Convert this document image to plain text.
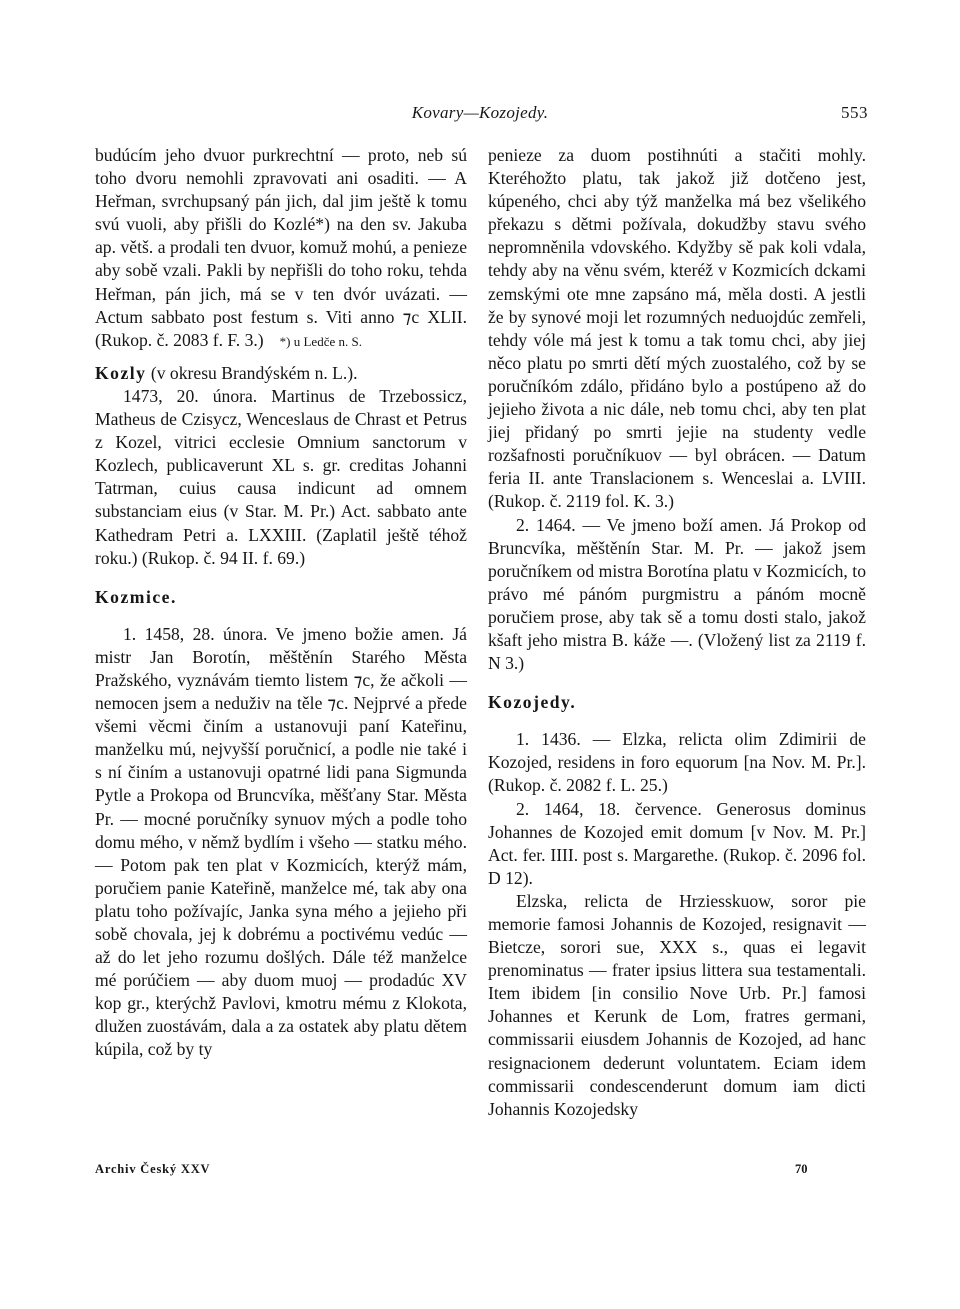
Kovary—Kozojedy.	553

budúcím jeho dvuor purkrechtní — proto, neb sú toho dvoru nemohli zpravovati ani osaditi. — A Heřman, svrchupsaný pán jich, dal jim ještě k tomu svú vuoli, aby přišli do Kozlé*) na den sv. Jakuba ap. větš. a prodali ten dvuor, komuž mohú, a penieze aby sobě vzali. Pakli by nepřišli do toho roku, tehda Heřman, pán jich, má se v ten dvór uvázati. — Actum sabbato post festum s. Viti anno ⁊c XLII. (Rukop. č. 2083 f. F. 3.) *) u Ledče n. S.

Kozly (v okresu Brandýském n. L.).

1473, 20. února. Martinus de Trzebossicz, Matheus de Czisycz, Wenceslaus de Chrast et Petrus z Kozel, vitrici ecclesie Omnium sanctorum v Kozlech, publicaverunt XL s. gr. creditas Johanni Tatrman, cuius causa indicunt ad omnem substanciam eius (v Star. M. Pr.) Act. sabbato ante Kathedram Petri a. LXXIII. (Zaplatil ještě téhož roku.) (Rukop. č. 94 II. f. 69.)

Kozmice.

1. 1458, 28. února. Ve jmeno božie amen. Já mistr Jan Borotín, měštěnín Starého Města Pražského, vyznávám tiemto listem ⁊c, že ačkoli — nemocen jsem a neduživ na těle ⁊c. Nejprvé a přede všemi věcmi činím a ustanovuji paní Kateřinu, manželku mú, nejvyšší poručnicí, a podle nie také i s ní činím a ustanovuji opatrné lidi pana Sigmunda Pytle a Prokopa od Bruncvíka, měšťany Star. Města Pr. — mocné poručníky synuov mých a podle toho domu mého, v němž bydlím i všeho — statku mého. — Potom pak ten plat v Kozmicích, kterýž mám, poručiem panie Kateřině, manželce mé, tak aby ona platu toho požívajíc, Janka syna mého a jejieho při sobě chovala, jej k dobrému a poctivému vedúc — až do let jeho rozumu došlých. Dále též manželce mé porúčiem — aby duom muoj — prodadúc XV kop gr., kterýchž Pavlovi, kmotru mému z Klokota, dlužen zuostávám, dala a za ostatek aby platu dětem kúpila, což by ty

penieze za duom postihnúti a stačiti mohly. Kteréhožto platu, tak jakož již dotčeno jest, kúpeného, chci aby týž manželka má bez všelikého překazu s dětmi požívala, dokudžby stavu svého nepromněnila vdovského. Kdyžby sě pak koli vdala, tehdy aby na věnu svém, kteréž v Kozmicích dckami zemskými ote mne zapsáno má, měla dosti. A jestli že by synové moji let rozumných neduojdúc zemřeli, tehdy vóle má jest k tomu a tak tomu chci, aby jiej něco platu po smrti dětí mých zuostalého, což by se poručníkóm zdálo, přidáno bylo a postúpeno až do jejieho života a nic dále, neb tomu chci, aby ten plat jiej přidaný po smrti jejie na studenty vedle rozšafnosti poručníkuov — byl obrácen. — Datum feria II. ante Translacionem s. Wenceslai a. LVIII. (Rukop. č. 2119 fol. K. 3.)

2. 1464. — Ve jmeno boží amen. Já Prokop od Bruncvíka, měštěnín Star. M. Pr. — jakož jsem poručníkem od mistra Borotína platu v Kozmicích, to právo mé pánóm purgmistru a pánóm mocně poručiem prose, aby tak sě a tomu dosti stalo, jakož kšaft jeho mistra B. káže —. (Vložený list za 2119 f. N 3.)

Kozojedy.

1. 1436. — Elzka, relicta olim Zdimirii de Kozojed, residens in foro equorum [na Nov. M. Pr.]. (Rukop. č. 2082 f. L. 25.)

2. 1464, 18. července. Generosus dominus Johannes de Kozojed emit domum [v Nov. M. Pr.] Act. fer. IIII. post s. Margarethe. (Rukop. č. 2096 fol. D 12).

Elzska, relicta de Hrziesskuow, soror pie memorie famosi Johannis de Kozojed, resignavit — Bietcze, sorori sue, XXX s., quas ei legavit prenominatus — frater ipsius littera sua testamentali. Item ibidem [in consilio Nove Urb. Pr.] famosi Johannes et Kerunk de Lom, fratres germani, commissarii eiusdem Johannis de Kozojed, ad hanc resignacionem dederunt voluntatem. Eciam idem commissarii condescenderunt domum iam dicti Johannis Kozojedsky

Archiv Český XXV	70
